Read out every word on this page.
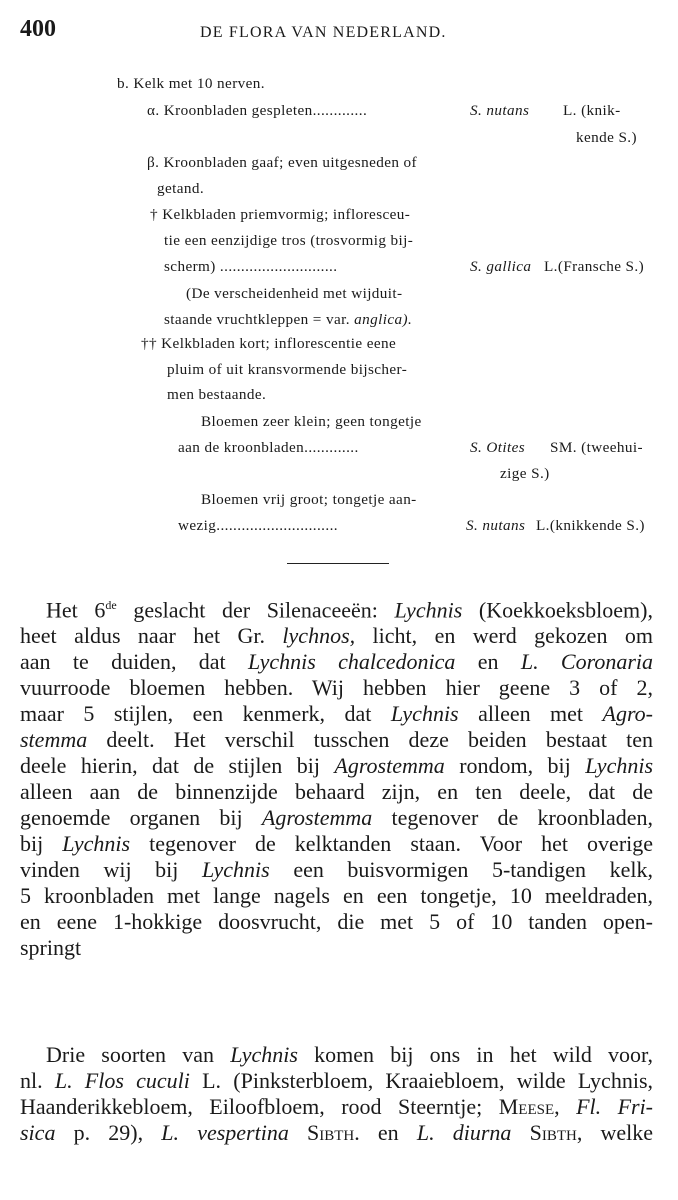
400	DE FLORA VAN NEDERLAND.
b. Kelk met 10 nerven.
α. Kroonbladen gespleten.............	S. nutans L. (knik-
kende S.)
β. Kroonbladen gaaf; even uitgesneden of
getand.
† Kelkbladen priemvormig; infloresceu-
tie een eenzijdige tros (trosvormig bij-
scherm) ............................	S. gallica L.(Fransche S.)
(De verscheidenheid met wijduit-
staande vruchtkleppen = var. anglica).
†† Kelkbladen kort; inflorescentie eene
pluim of uit kransvormende bijscher-
men bestaande.
Bloemen zeer klein; geen tongetje
aan de kroonbladen.............	S. Otites SM. (tweehui-
zige S.)
Bloemen vrij groot; tongetje aan-
wezig.............................	S. nutans L.(knikkende S.)
Het 6de geslacht der Silenaceeën: Lychnis (Koekkoeksbloem),
heet aldus naar het Gr. lychnos, licht, en werd gekozen om
aan te duiden, dat Lychnis chalcedonica en L. Coronaria
vuurroode bloemen hebben. Wij hebben hier geene 3 of 2,
maar 5 stijlen, een kenmerk, dat Lychnis alleen met Agro-
stemma deelt. Het verschil tusschen deze beiden bestaat ten
deele hierin, dat de stijlen bij Agrostemma rondom, bij Lychnis
alleen aan de binnenzijde behaard zijn, en ten deele, dat de
genoemde organen bij Agrostemma tegenover de kroonbladen,
bij Lychnis tegenover de kelktanden staan. Voor het overige
vinden wij bij Lychnis een buisvormigen 5-tandigen kelk,
5 kroonbladen met lange nagels en een tongetje, 10 meeldraden,
en eene 1-hokkige doosvrucht, die met 5 of 10 tanden open-
springt
Drie soorten van Lychnis komen bij ons in het wild voor,
nl. L. Flos cuculi L. (Pinksterbloem, Kraaiebloem, wilde Lychnis,
Haanderikkebloem, Eiloofbloem, rood Steerntje; Meese, Fl. Fri-
sica p. 29), L. vespertina Sibth. en L. diurna Sibth, welke
